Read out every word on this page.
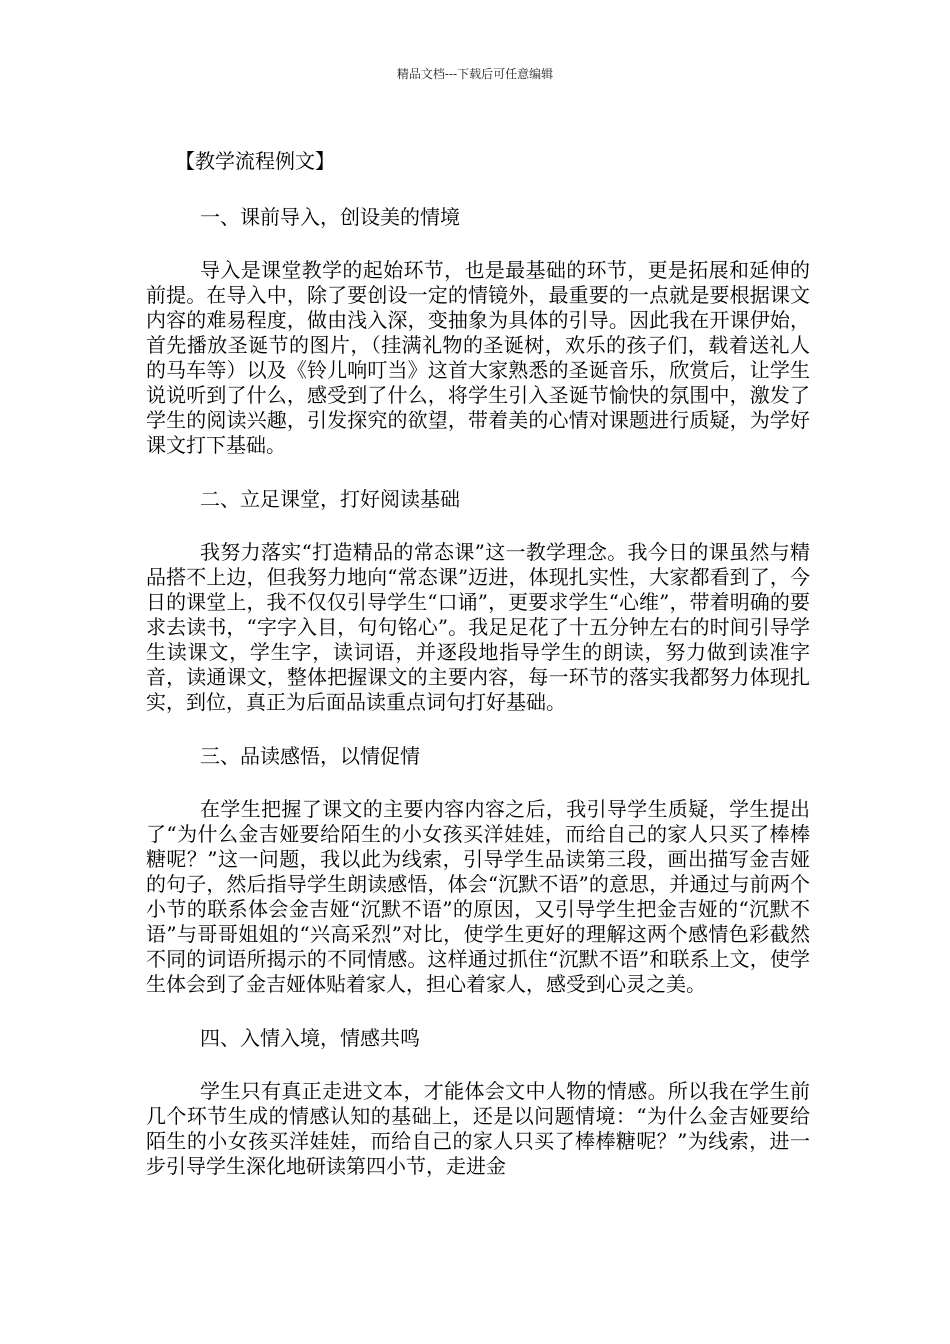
精品文档---下载后可任意编辑
【教学流程例文】
一、课前导入，创设美的情境
导入是课堂教学的起始环节，也是最基础的环节，更是拓展和延伸的前提。在导入中，除了要创设一定的情镜外，最重要的一点就是要根据课文内容的难易程度，做由浅入深，变抽象为具体的引导。因此我在开课伊始，首先播放圣诞节的图片，（挂满礼物的圣诞树，欢乐的孩子们，载着送礼人的马车等）以及《铃儿响叮当》这首大家熟悉的圣诞音乐，欣赏后，让学生说说听到了什么，感受到了什么，将学生引入圣诞节愉快的氛围中，激发了学生的阅读兴趣，引发探究的欲望，带着美的心情对课题进行质疑，为学好课文打下基础。
二、立足课堂，打好阅读基础
我努力落实“打造精品的常态课”这一教学理念。我今日的课虽然与精品搭不上边，但我努力地向“常态课”迈进，体现扎实性，大家都看到了，今日的课堂上，我不仅仅引导学生“口诵”，更要求学生“心维”，带着明确的要求去读书，“字字入目，句句铭心”。我足足花了十五分钟左右的时间引导学生读课文，学生字，读词语，并逐段地指导学生的朗读，努力做到读准字音，读通课文，整体把握课文的主要内容，每一环节的落实我都努力体现扎实，到位，真正为后面品读重点词句打好基础。
三、品读感悟，以情促情
在学生把握了课文的主要内容内容之后，我引导学生质疑，学生提出了“为什么金吉娅要给陌生的小女孩买洋娃娃，而给自己的家人只买了棒棒糖呢？”这一问题，我以此为线索，引导学生品读第三段，画出描写金吉娅的句子，然后指导学生朗读感悟，体会“沉默不语”的意思，并通过与前两个小节的联系体会金吉娅“沉默不语”的原因，又引导学生把金吉娅的“沉默不语”与哥哥姐姐的“兴高采烈”对比，使学生更好的理解这两个感情色彩截然不同的词语所揭示的不同情感。这样通过抓住“沉默不语”和联系上文，使学生体会到了金吉娅体贴着家人，担心着家人，感受到心灵之美。
四、入情入境，情感共鸣
学生只有真正走进文本，才能体会文中人物的情感。所以我在学生前几个环节生成的情感认知的基础上，还是以问题情境：“为什么金吉娅要给陌生的小女孩买洋娃娃，而给自己的家人只买了棒棒糖呢？”为线索，进一步引导学生深化地研读第四小节，走进金
